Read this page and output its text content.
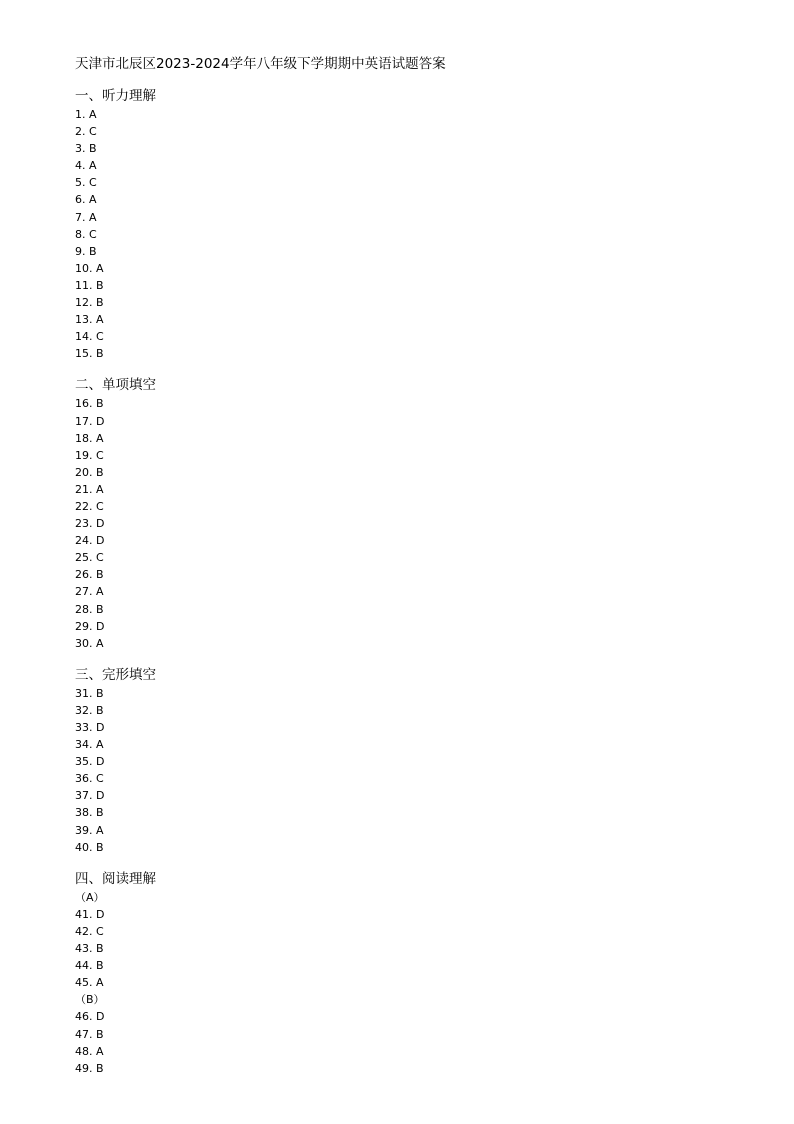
天津市北辰区2023-2024学年八年级下学期期中英语试题答案
一、听力理解
1. A
2. C
3. B
4. A
5. C
6. A
7. A
8. C
9. B
10. A
11. B
12. B
13. A
14. C
15. B
二、单项填空
16. B
17. D
18. A
19. C
20. B
21. A
22. C
23. D
24. D
25. C
26. B
27. A
28. B
29. D
30. A
三、完形填空
31. B
32. B
33. D
34. A
35. D
36. C
37. D
38. B
39. A
40. B
四、阅读理解
（A）
41. D
42. C
43. B
44. B
45. A
（B）
46. D
47. B
48. A
49. B
